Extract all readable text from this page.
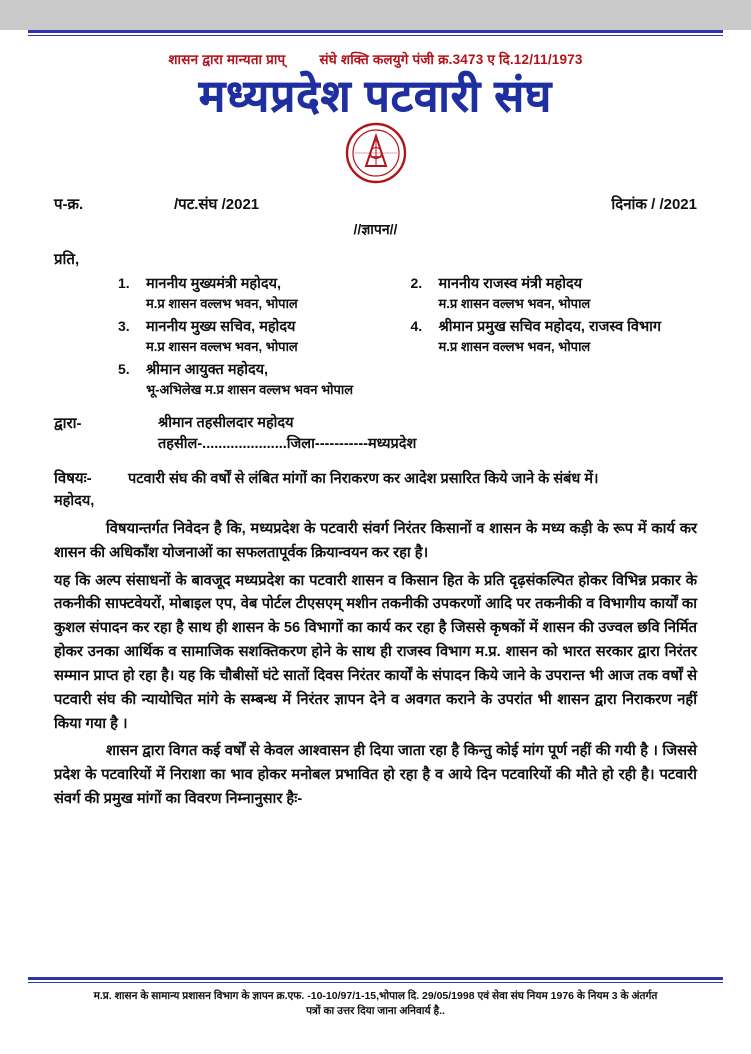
शासन द्वारा मान्यता प्राप्	संघे शक्ति कलयुगे पंजी क्र.3473 ए दि.12/11/1973
मध्यप्रदेश पटवारी संघ
प-क्र.	/पट.संघ /2021	दिनांक / /2021
//ज्ञापन//
प्रति,
1. माननीय मुख्यमंत्री महोदय,
म.प्र शासन वल्लभ भवन, भोपाल
2. माननीय राजस्व मंत्री महोदय
म.प्र शासन वल्लभ भवन, भोपाल
3. माननीय मुख्य सचिव, महोदय
म.प्र शासन वल्लभ भवन, भोपाल
4. श्रीमान प्रमुख सचिव महोदय, राजस्व विभाग
म.प्र शासन वल्लभ भवन, भोपाल
5. श्रीमान आयुक्त महोदय,
भू-अभिलेख म.प्र शासन वल्लभ भवन भोपाल
द्वारा-	श्रीमान तहसीलदार महोदय
तहसील-.....................जिला-----------मध्यप्रदेश
विषयः-	पटवारी संघ की वर्षाें से लंबित मांगों का निराकरण कर आदेश प्रसारित किये जाने के संबंध में।
महोदय,
विषयान्तर्गत निवेदन है कि, मध्यप्रदेश के पटवारी संवर्ग निरंतर किसानों व शासन के मध्य कड़ी के रूप में कार्य कर शासन की अधिकाँश योजनाओं का सफलतापूर्वक क्रियान्वयन कर रहा है।
यह कि अल्प संसाधनों के बावजूद मध्यप्रदेश का पटवारी शासन व किसान हित के प्रति दृढ़संकल्पित होकर विभिन्न प्रकार के तकनीकी साफ्टवेयरों, मोबाइल एप, वेब पोर्टल टीएसएम् मशीन तकनीकी उपकरणों आदि पर तकनीकी व विभागीय कार्यों का कुशल संपादन कर रहा है साथ ही शासन के 56 विभागों का कार्य कर रहा है जिससे कृषकों में शासन की उज्वल छवि निर्मित होकर उनका आर्थिक व सामाजिक सशक्तिकरण होने के साथ ही राजस्व विभाग म.प्र. शासन को भारत सरकार द्वारा निरंतर सम्मान प्राप्त हो रहा है। यह कि चौबीसों घंटे सातों दिवस निरंतर कार्यों के संपादन किये जाने के उपरान्त भी आज तक वर्षों से पटवारी संघ की न्यायोचित मांगे के सम्बन्ध में निरंतर ज्ञापन देने व अवगत कराने के उपरांत भी शासन द्वारा निराकरण नहीं किया गया है ।
शासन द्वारा विगत कई वर्षों से केवल आश्वासन ही दिया जाता रहा है किन्तु कोई मांग पूर्ण नहीं की गयी है । जिससे प्रदेश के पटवारियों में निराशा का भाव होकर मनोबल प्रभावित हो रहा है व आये दिन पटवारियों की मौते हो रही है। पटवारी संवर्ग की प्रमुख मांगों का विवरण निम्नानुसार हैः-
म.प्र. शासन के सामान्य प्रशासन विभाग के ज्ञापन क्र.एफ. -10-10/97/1-15,भोपाल दि. 29/05/1998 एवं सेवा संघ नियम 1976 के नियम 3 के अंतर्गत
पत्रों का उत्तर दिया जाना अनिवार्य है..
